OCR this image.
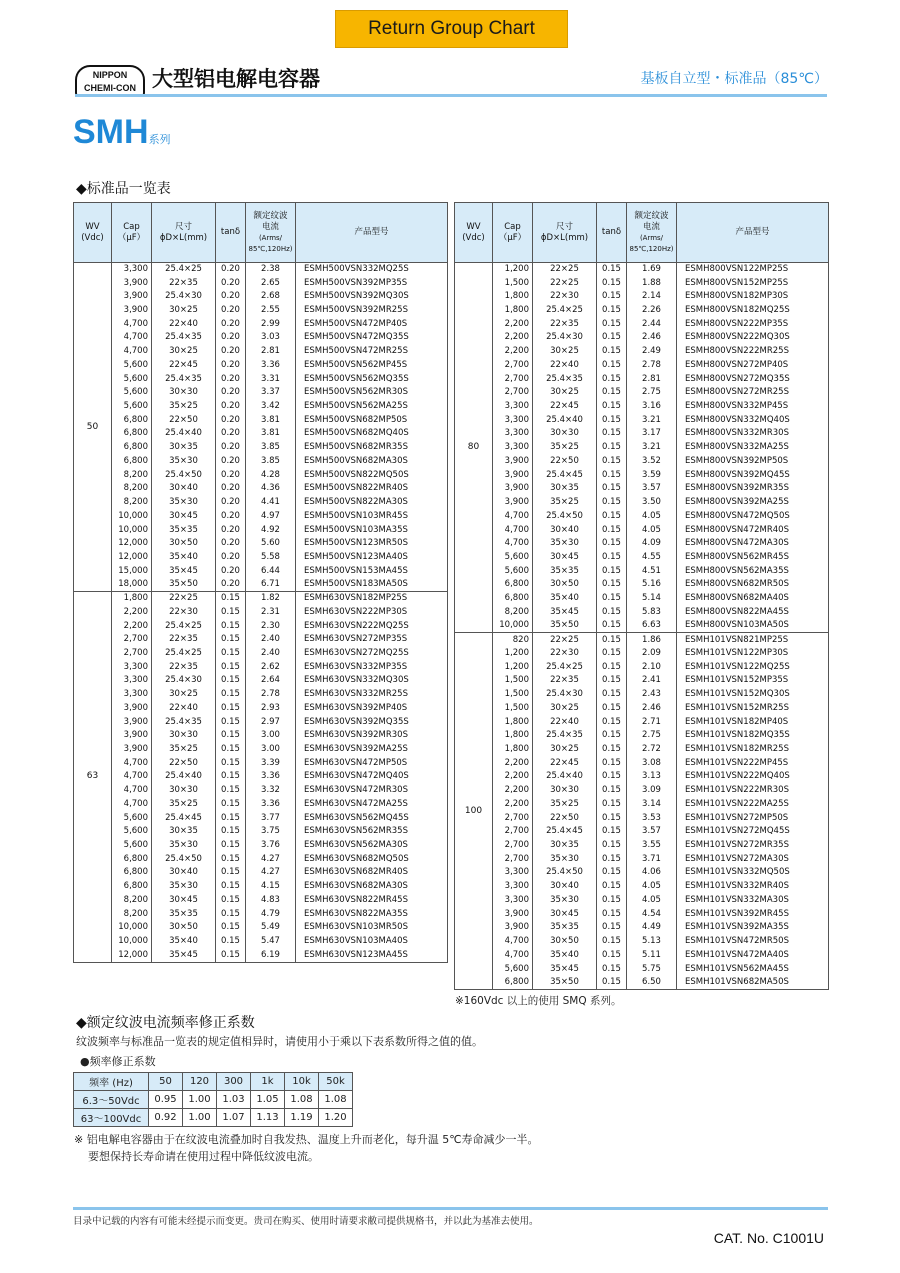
Return Group Chart
NIPPON
CHEMI-CON 大型铝电解电容器	基板自立型・标准品（85℃）
SMH系列
◆标准品一览表
WV
(Vdc)	Cap
（μF）	尺寸
ϕD×L(mm)	tanδ	额定纹波
电流
(Arms/
85℃,120Hz)	产品型号
50	3,300	25.4×25	0.20	2.38	ESMH500VSN332MQ25S
	3,900	22×35	0.20	2.65	ESMH500VSN392MP35S
	3,900	25.4×30	0.20	2.68	ESMH500VSN392MQ30S
	3,900	30×25	0.20	2.55	ESMH500VSN392MR25S
	4,700	22×40	0.20	2.99	ESMH500VSN472MP40S
	4,700	25.4×35	0.20	3.03	ESMH500VSN472MQ35S
	4,700	30×25	0.20	2.81	ESMH500VSN472MR25S
	5,600	22×45	0.20	3.36	ESMH500VSN562MP45S
	5,600	25.4×35	0.20	3.31	ESMH500VSN562MQ35S
	5,600	30×30	0.20	3.37	ESMH500VSN562MR30S
	5,600	35×25	0.20	3.42	ESMH500VSN562MA25S
	6,800	22×50	0.20	3.81	ESMH500VSN682MP50S
	6,800	25.4×40	0.20	3.81	ESMH500VSN682MQ40S
	6,800	30×35	0.20	3.85	ESMH500VSN682MR35S
	6,800	35×30	0.20	3.85	ESMH500VSN682MA30S
	8,200	25.4×50	0.20	4.28	ESMH500VSN822MQ50S
	8,200	30×40	0.20	4.36	ESMH500VSN822MR40S
	8,200	35×30	0.20	4.41	ESMH500VSN822MA30S
	10,000	30×45	0.20	4.97	ESMH500VSN103MR45S
	10,000	35×35	0.20	4.92	ESMH500VSN103MA35S
	12,000	30×50	0.20	5.60	ESMH500VSN123MR50S
	12,000	35×40	0.20	5.58	ESMH500VSN123MA40S
	15,000	35×45	0.20	6.44	ESMH500VSN153MA45S
	18,000	35×50	0.20	6.71	ESMH500VSN183MA50S
63	1,800	22×25	0.15	1.82	ESMH630VSN182MP25S
	2,200	22×30	0.15	2.31	ESMH630VSN222MP30S
	2,200	25.4×25	0.15	2.30	ESMH630VSN222MQ25S
	2,700	22×35	0.15	2.40	ESMH630VSN272MP35S
	2,700	25.4×25	0.15	2.40	ESMH630VSN272MQ25S
	3,300	22×35	0.15	2.62	ESMH630VSN332MP35S
	3,300	25.4×30	0.15	2.64	ESMH630VSN332MQ30S
	3,300	30×25	0.15	2.78	ESMH630VSN332MR25S
	3,900	22×40	0.15	2.93	ESMH630VSN392MP40S
	3,900	25.4×35	0.15	2.97	ESMH630VSN392MQ35S
	3,900	30×30	0.15	3.00	ESMH630VSN392MR30S
	3,900	35×25	0.15	3.00	ESMH630VSN392MA25S
	4,700	22×50	0.15	3.39	ESMH630VSN472MP50S
	4,700	25.4×40	0.15	3.36	ESMH630VSN472MQ40S
	4,700	30×30	0.15	3.32	ESMH630VSN472MR30S
	4,700	35×25	0.15	3.36	ESMH630VSN472MA25S
	5,600	25.4×45	0.15	3.77	ESMH630VSN562MQ45S
	5,600	30×35	0.15	3.75	ESMH630VSN562MR35S
	5,600	35×30	0.15	3.76	ESMH630VSN562MA30S
	6,800	25.4×50	0.15	4.27	ESMH630VSN682MQ50S
	6,800	30×40	0.15	4.27	ESMH630VSN682MR40S
	6,800	35×30	0.15	4.15	ESMH630VSN682MA30S
	8,200	30×45	0.15	4.83	ESMH630VSN822MR45S
	8,200	35×35	0.15	4.79	ESMH630VSN822MA35S
	10,000	30×50	0.15	5.49	ESMH630VSN103MR50S
	10,000	35×40	0.15	5.47	ESMH630VSN103MA40S
	12,000	35×45	0.15	6.19	ESMH630VSN123MA45S
WV
(Vdc)	Cap
（μF）	尺寸
ϕD×L(mm)	tanδ	额定纹波
电流
(Arms/
85℃,120Hz)	产品型号
80	1,200	22×25	0.15	1.69	ESMH800VSN122MP25S
	1,500	22×25	0.15	1.88	ESMH800VSN152MP25S
	1,800	22×30	0.15	2.14	ESMH800VSN182MP30S
	1,800	25.4×25	0.15	2.26	ESMH800VSN182MQ25S
	2,200	22×35	0.15	2.44	ESMH800VSN222MP35S
	2,200	25.4×30	0.15	2.46	ESMH800VSN222MQ30S
	2,200	30×25	0.15	2.49	ESMH800VSN222MR25S
	2,700	22×40	0.15	2.78	ESMH800VSN272MP40S
	2,700	25.4×35	0.15	2.81	ESMH800VSN272MQ35S
	2,700	30×25	0.15	2.75	ESMH800VSN272MR25S
	3,300	22×45	0.15	3.16	ESMH800VSN332MP45S
	3,300	25.4×40	0.15	3.21	ESMH800VSN332MQ40S
	3,300	30×30	0.15	3.17	ESMH800VSN332MR30S
	3,300	35×25	0.15	3.21	ESMH800VSN332MA25S
	3,900	22×50	0.15	3.52	ESMH800VSN392MP50S
	3,900	25.4×45	0.15	3.59	ESMH800VSN392MQ45S
	3,900	30×35	0.15	3.57	ESMH800VSN392MR35S
	3,900	35×25	0.15	3.50	ESMH800VSN392MA25S
	4,700	25.4×50	0.15	4.05	ESMH800VSN472MQ50S
	4,700	30×40	0.15	4.05	ESMH800VSN472MR40S
	4,700	35×30	0.15	4.09	ESMH800VSN472MA30S
	5,600	30×45	0.15	4.55	ESMH800VSN562MR45S
	5,600	35×35	0.15	4.51	ESMH800VSN562MA35S
	6,800	30×50	0.15	5.16	ESMH800VSN682MR50S
	6,800	35×40	0.15	5.14	ESMH800VSN682MA40S
	8,200	35×45	0.15	5.83	ESMH800VSN822MA45S
	10,000	35×50	0.15	6.63	ESMH800VSN103MA50S
100	820	22×25	0.15	1.86	ESMH101VSN821MP25S
	1,200	22×30	0.15	2.09	ESMH101VSN122MP30S
	1,200	25.4×25	0.15	2.10	ESMH101VSN122MQ25S
	1,500	22×35	0.15	2.41	ESMH101VSN152MP35S
	1,500	25.4×30	0.15	2.43	ESMH101VSN152MQ30S
	1,500	30×25	0.15	2.46	ESMH101VSN152MR25S
	1,800	22×40	0.15	2.71	ESMH101VSN182MP40S
	1,800	25.4×35	0.15	2.75	ESMH101VSN182MQ35S
	1,800	30×25	0.15	2.72	ESMH101VSN182MR25S
	2,200	22×45	0.15	3.08	ESMH101VSN222MP45S
	2,200	25.4×40	0.15	3.13	ESMH101VSN222MQ40S
	2,200	30×30	0.15	3.09	ESMH101VSN222MR30S
	2,200	35×25	0.15	3.14	ESMH101VSN222MA25S
	2,700	22×50	0.15	3.53	ESMH101VSN272MP50S
	2,700	25.4×45	0.15	3.57	ESMH101VSN272MQ45S
	2,700	30×35	0.15	3.55	ESMH101VSN272MR35S
	2,700	35×30	0.15	3.71	ESMH101VSN272MA30S
	3,300	25.4×50	0.15	4.06	ESMH101VSN332MQ50S
	3,300	30×40	0.15	4.05	ESMH101VSN332MR40S
	3,300	35×30	0.15	4.05	ESMH101VSN332MA30S
	3,900	30×45	0.15	4.54	ESMH101VSN392MR45S
	3,900	35×35	0.15	4.49	ESMH101VSN392MA35S
	4,700	30×50	0.15	5.13	ESMH101VSN472MR50S
	4,700	35×40	0.15	5.11	ESMH101VSN472MA40S
	5,600	35×45	0.15	5.75	ESMH101VSN562MA45S
	6,800	35×50	0.15	6.50	ESMH101VSN682MA50S
※160Vdc 以上的使用 SMQ 系列。
◆额定纹波电流频率修正系数
纹波频率与标准品一览表的规定值相异时，请使用小于乘以下表系数所得之值的值。
●频率修正系数
频率 (Hz)	50	120	300	1k	10k	50k
6.3～50Vdc	0.95	1.00	1.03	1.05	1.08	1.08
63～100Vdc	0.92	1.00	1.07	1.13	1.19	1.20
※ 铝电解电容器由于在纹波电流叠加时自我发热、温度上升而老化，每升温 5℃寿命减少一半。
要想保持长寿命请在使用过程中降低纹波电流。
目录中记载的内容有可能未经提示而变更。贵司在购买、使用时请要求敝司提供规格书，并以此为基准去使用。
CAT. No. C1001U
